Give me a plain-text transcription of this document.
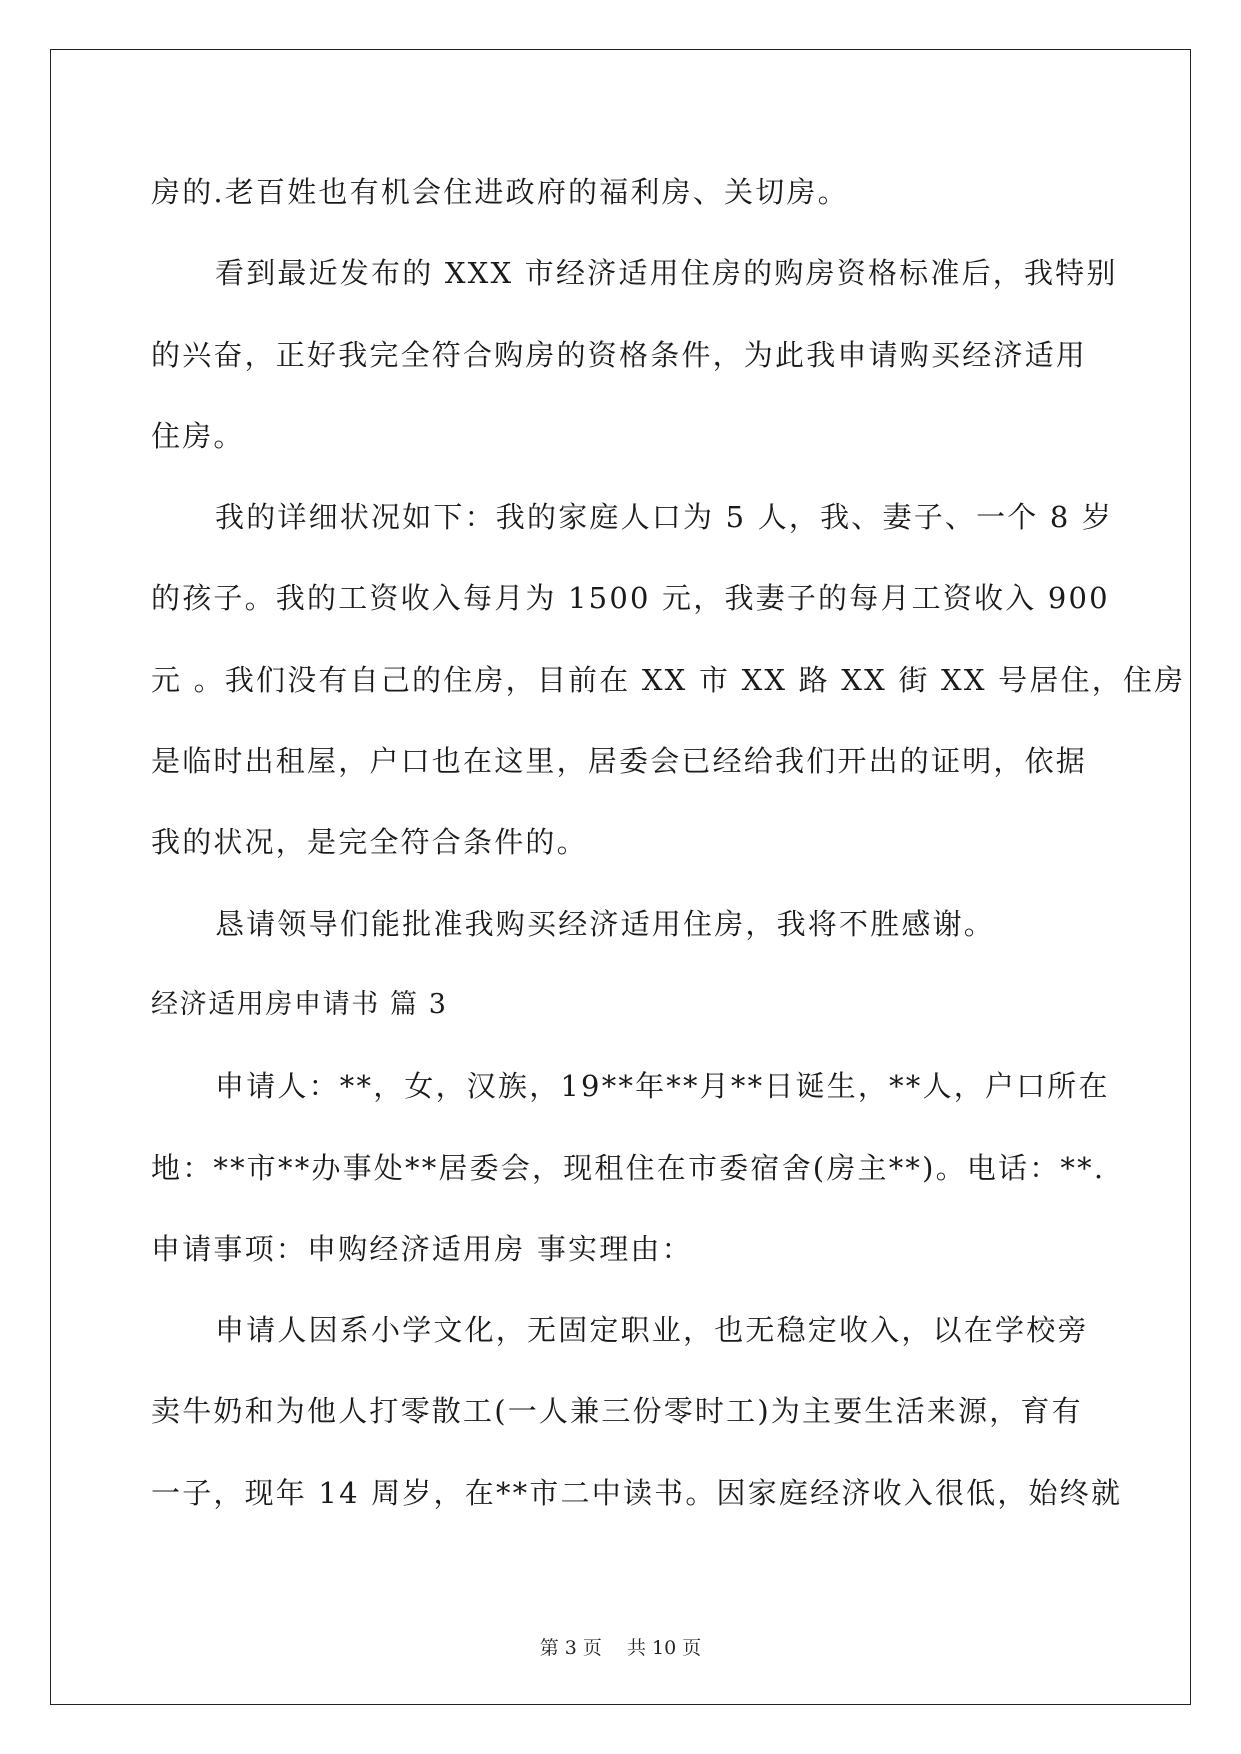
房的.老百姓也有机会住进政府的福利房、关切房。
看到最近发布的 XXX 市经济适用住房的购房资格标准后，我特别
的兴奋，正好我完全符合购房的资格条件，为此我申请购买经济适用
住房。
我的详细状况如下：我的家庭人口为 5 人，我、妻子、一个 8 岁
的孩子。我的工资收入每月为 1500 元，我妻子的每月工资收入 900
元 。我们没有自己的住房，目前在 XX 市 XX 路 XX 街 XX 号居住，住房
是临时出租屋，户口也在这里，居委会已经给我们开出的证明，依据
我的状况，是完全符合条件的。
恳请领导们能批准我购买经济适用住房，我将不胜感谢。
经济适用房申请书 篇 3
申请人：**，女，汉族，19**年**月**日诞生，**人，户口所在
地：**市**办事处**居委会，现租住在市委宿舍(房主**)。电话：**.
申请事项：申购经济适用房 事实理由：
申请人因系小学文化，无固定职业，也无稳定收入，以在学校旁
卖牛奶和为他人打零散工(一人兼三份零时工)为主要生活来源，育有
一子，现年 14 周岁，在**市二中读书。因家庭经济收入很低，始终就
第 3 页　 共 10 页
